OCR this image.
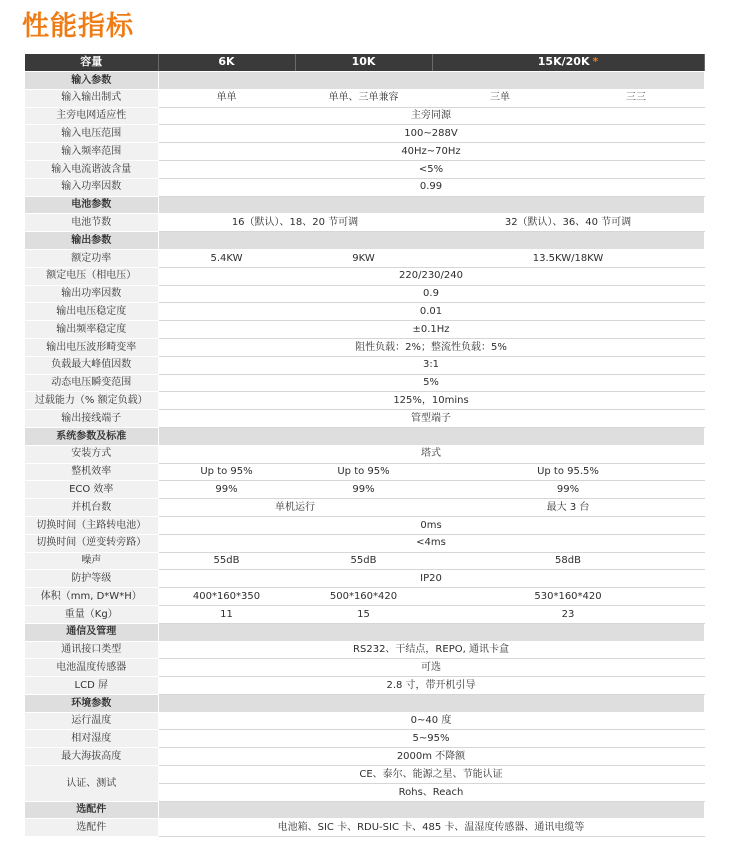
性能指标
容量	6K	10K	15K/20K *	
输入参数				
输入输出制式	单单	单单、三单兼容	三单	三三
主旁电网适应性	主旁同源			
输入电压范围	100~288V			
输入频率范围	40Hz~70Hz			
输入电流谐波含量	<5%			
输入功率因数	0.99			
电池参数				
电池节数	16（默认）、18、20 节可调		32（默认）、36、40 节可调	
输出参数				
额定功率	5.4KW	9KW	13.5KW/18KW	
额定电压（相电压）	220/230/240			
输出功率因数	0.9			
输出电压稳定度	0.01			
输出频率稳定度	±0.1Hz			
输出电压波形畸变率	阻性负载：2%；整流性负载：5%			
负载最大峰值因数	3:1			
动态电压瞬变范围	5%			
过载能力（% 额定负载）	125%，10mins			
输出接线端子	管型端子			
系统参数及标准				
安装方式	塔式			
整机效率	Up to 95%	Up to 95%	Up to 95.5%	
ECO 效率	99%	99%	99%	
并机台数	单机运行		最大 3 台	
切换时间（主路转电池）	0ms			
切换时间（逆变转旁路）	<4ms			
噪声	55dB	55dB	58dB	
防护等级	IP20			
体积（mm, D*W*H）	400*160*350	500*160*420	530*160*420	
重量（Kg）	11	15	23	
通信及管理				
通讯接口类型	RS232、干结点，REPO, 通讯卡盒			
电池温度传感器	可选			
LCD 屏	2.8 寸，带开机引导			
环境参数				
运行温度	0~40 度			
相对湿度	5~95%			
最大海拔高度	2000m 不降额			
认证、测试	CE、泰尔、能源之星、节能认证			
	Rohs、Reach			
选配件				
选配件	电池箱、SIC 卡、RDU-SIC 卡、485 卡、温湿度传感器、通讯电缆等			
